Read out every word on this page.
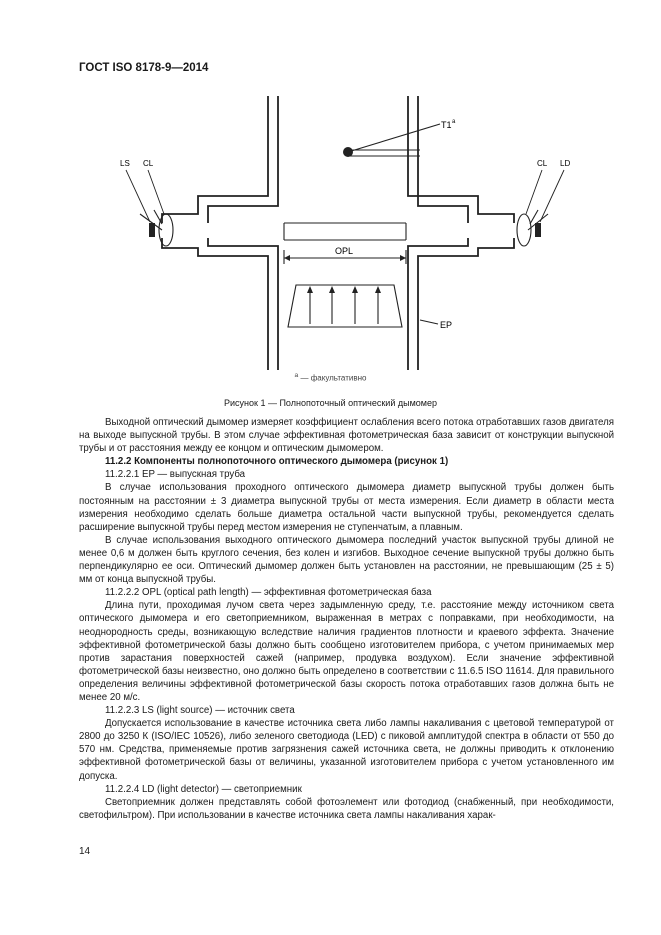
ГОСТ ISO 8178-9—2014
T1 a
LS CL	CL LD
OPL
EP
$^a$ — факультативно
Рисунок 1 — Полнопоточный оптический дымомер

Выходной оптический дымомер измеряет коэффициент ослабления всего потока отработавших газов двигателя на выходе выпускной трубы. В этом случае эффективная фотометрическая база зависит от конструкции выпускной трубы и от расстояния между ее концом и оптическим дымомером.

11.2.2 Компоненты полнопоточного оптического дымомера (рисунок 1)

11.2.2.1 EP — выпускная труба

В случае использования проходного оптического дымомера диаметр выпускной трубы должен быть постоянным на расстоянии ± 3 диаметра выпускной трубы от места измерения. Если диаметр в области места измерения необходимо сделать больше диаметра остальной части выпускной трубы, рекомендуется сделать расширение выпускной трубы перед местом измерения не ступенчатым, а плавным.

В случае использования выходного оптического дымомера последний участок выпускной трубы длиной не менее 0,6 м должен быть круглого сечения, без колен и изгибов. Выходное сечение выпускной трубы должно быть перпендикулярно ее оси. Оптический дымомер должен быть установлен на расстоянии, не превышающим (25 ± 5) мм от конца выпускной трубы.

11.2.2.2 OPL (optical path length) — эффективная фотометрическая база

Длина пути, проходимая лучом света через задымленную среду, т.е. расстояние между источником света оптического дымомера и его светоприемником, выраженная в метрах с поправками, при необходимости, на неоднородность среды, возникающую вследствие наличия градиентов плотности и краевого эффекта. Значение эффективной фотометрической базы должно быть сообщено изготовителем прибора, с учетом принимаемых мер против зарастания поверхностей сажей (например, продувка воздухом). Если значение эффективной фотометрической базы неизвестно, оно должно быть определено в соответствии с 11.6.5 ISO 11614. Для правильного определения величины эффективной фотометрической базы скорость потока отработавших газов должна быть не менее 20 м/с.

11.2.2.3 LS (light source) — источник света

Допускается использование в качестве источника света либо лампы накаливания с цветовой температурой от 2800 до 3250 К (ISO/IEC 10526), либо зеленого светодиода (LED) с пиковой амплитудой спектра в области от 550 до 570 нм. Средства, применяемые против загрязнения сажей источника света, не должны приводить к отклонению эффективной фотометрической базы от величины, указанной изготовителем прибора с учетом установленного им допуска.

11.2.2.4 LD (light detector) — светоприемник

Светоприемник должен представлять собой фотоэлемент или фотодиод (снабженный, при необходимости, светофильтром). При использовании в качестве источника света лампы накаливания харак-

14
